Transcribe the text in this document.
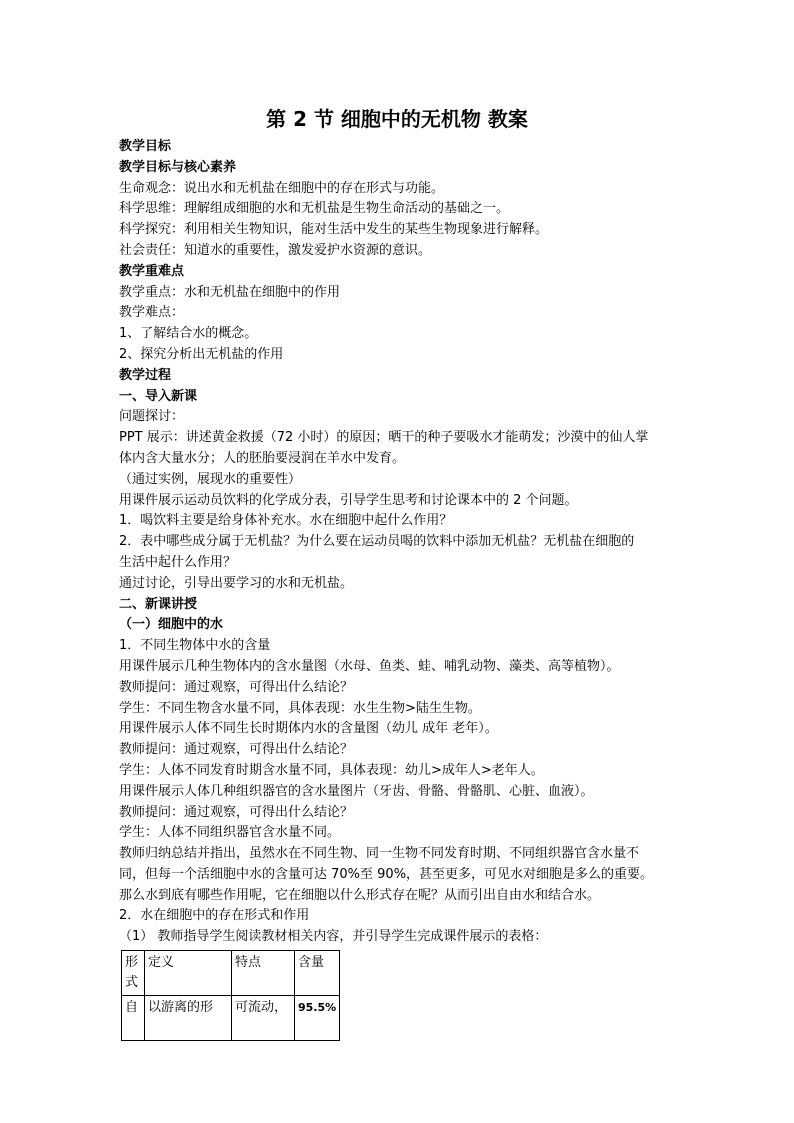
第 2 节 细胞中的无机物 教案
教学目标
教学目标与核心素养
生命观念：说出水和无机盐在细胞中的存在形式与功能。
科学思维：理解组成细胞的水和无机盐是生物生命活动的基础之一。
科学探究：利用相关生物知识，能对生活中发生的某些生物现象进行解释。
社会责任：知道水的重要性，激发爱护水资源的意识。
教学重难点
教学重点：水和无机盐在细胞中的作用
教学难点：
1、了解结合水的概念。
2、探究分析出无机盐的作用
教学过程
一、导入新课
问题探讨：
PPT 展示：讲述黄金救援（72 小时）的原因；晒干的种子要吸水才能萌发；沙漠中的仙人掌
体内含大量水分；人的胚胎要浸润在羊水中发育。
（通过实例，展现水的重要性）
用课件展示运动员饮料的化学成分表，引导学生思考和讨论课本中的 2 个问题。
1．喝饮料主要是给身体补充水。水在细胞中起什么作用？
2．表中哪些成分属于无机盐？为什么要在运动员喝的饮料中添加无机盐？无机盐在细胞的
生活中起什么作用？
通过讨论，引导出要学习的水和无机盐。
二、新课讲授
（一）细胞中的水
1．不同生物体中水的含量
用课件展示几种生物体内的含水量图（水母、鱼类、蛙、哺乳动物、藻类、高等植物）。
教师提问：通过观察，可得出什么结论？
学生：不同生物含水量不同，具体表现：水生生物>陆生生物。
用课件展示人体不同生长时期体内水的含量图（幼儿 成年 老年）。
教师提问：通过观察，可得出什么结论？
学生：人体不同发育时期含水量不同，具体表现：幼儿>成年人>老年人。
用课件展示人体几种组织器官的含水量图片（牙齿、骨骼、骨骼肌、心脏、血液）。
教师提问：通过观察，可得出什么结论？
学生：人体不同组织器官含水量不同。
教师归纳总结并指出，虽然水在不同生物、同一生物不同发育时期、不同组织器官含水量不
同，但每一个活细胞中水的含量可达 70%至 90%，甚至更多，可见水对细胞是多么的重要。
那么水到底有哪些作用呢，它在细胞以什么形式存在呢？从而引出自由水和结合水。
2．水在细胞中的存在形式和作用
（1） 教师指导学生阅读教材相关内容，并引导学生完成课件展示的表格：
形式	定义	特点	含量
自	以游离的形	可流动，	95.5%
